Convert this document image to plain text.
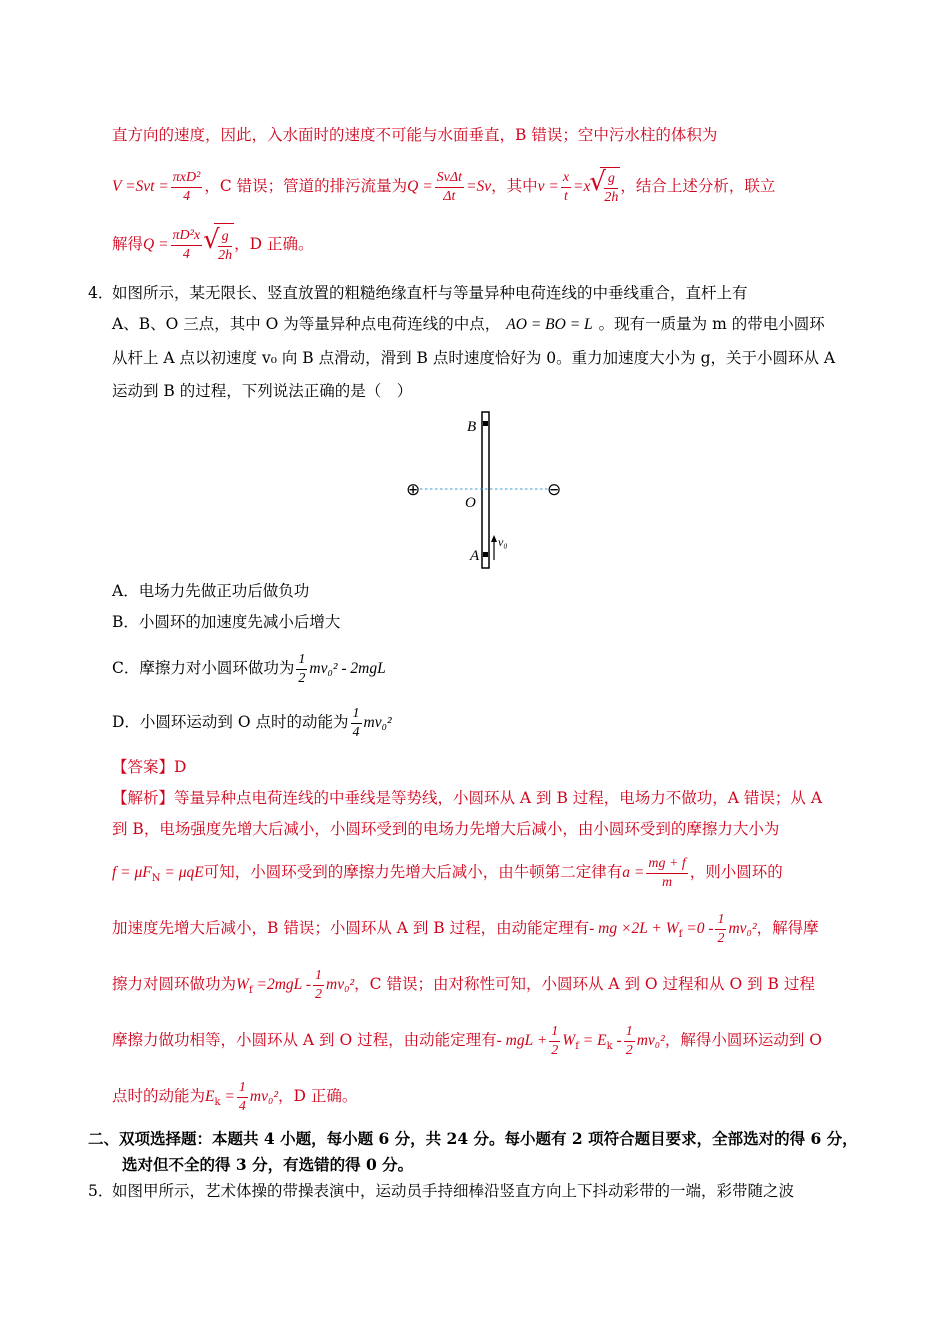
直方向的速度，因此，入水面时的速度不可能与水面垂直，B 错误；空中污水柱的体积为
$V =Svt = \frac{\text{πxD²}}{4}$ ，C 错误；管道的排污流量为$Q = \frac{\text{SvΔt}}{\Delta t} =Sv$，其中$v = \frac{x}{t} =x$ √ $\frac{g}{2h}$ ，结合上述分析，联立
解得$Q = \frac{\text{πD²x}}{4}$ √ $\frac{g}{2h}$ ，D 正确。
4．
如图所示，某无限长、竖直放置的粗糙绝缘直杆与等量异种电荷连线的中垂线重合，直杆上有
A、B、O 三点，其中 O 为等量异种点电荷连线的中点， AO = BO = L 。现有一质量为 m 的带电小圆环
从杆上 A 点以初速度 v₀ 向 B 点滑动，滑到 B 点时速度恰好为 0。重力加速度大小为 g，关于小圆环从 A
运动到 B 的过程，下列说法正确的是（　）
B
O
A
⊕	⊖
v₀
A．电场力先做正功后做负功
B．小圆环的加速度先减小后增大
C．摩擦力对小圆环做功为 $\frac{1}{2} mv_0^2 - 2mgL$
D．小圆环运动到 O 点时的动能为 $\frac{1}{4} mv_0^2$
【答案】D
【解析】等量异种点电荷连线的中垂线是等势线，小圆环从 A 到 B 过程，电场力不做功，A 错误；从 A
到 B，电场强度先增大后减小，小圆环受到的电场力先增大后减小，由小圆环受到的摩擦力大小为
$f = \mu F_N = \mu qE$可知，小圆环受到的摩擦力先增大后减小，由牛顿第二定律有$a = \frac{mg + f}{m}$ ，则小圆环的
加速度先增大后减小，B 错误；小圆环从 A 到 B 过程，由动能定理有- mg $\times 2L + W_f =0 - \frac{1}{2} mv_0^2$，解得摩
擦力对圆环做功为$W_f =2mgL - \frac{1}{2} mv_0^2$，C 错误；由对称性可知，小圆环从 A 到 O 过程和从 O 到 B 过程
摩擦力做功相等，小圆环从 A 到 O 过程，由动能定理有- mgL + $\frac{1}{2} W_f = E_k - \frac{1}{2} mv_0^2$，解得小圆环运动到 O
点时的动能为$E_k = \frac{1}{4} mv_0^2$，D 正确。
二、双项选择题：本题共 4 小题，每小题 6 分，共 24 分。每小题有 2 项符合题目要求，全部选对的得 6 分，
选对但不全的得 3 分，有选错的得 0 分。
5．
如图甲所示，艺术体操的带操表演中，运动员手持细棒沿竖直方向上下抖动彩带的一端，彩带随之波
